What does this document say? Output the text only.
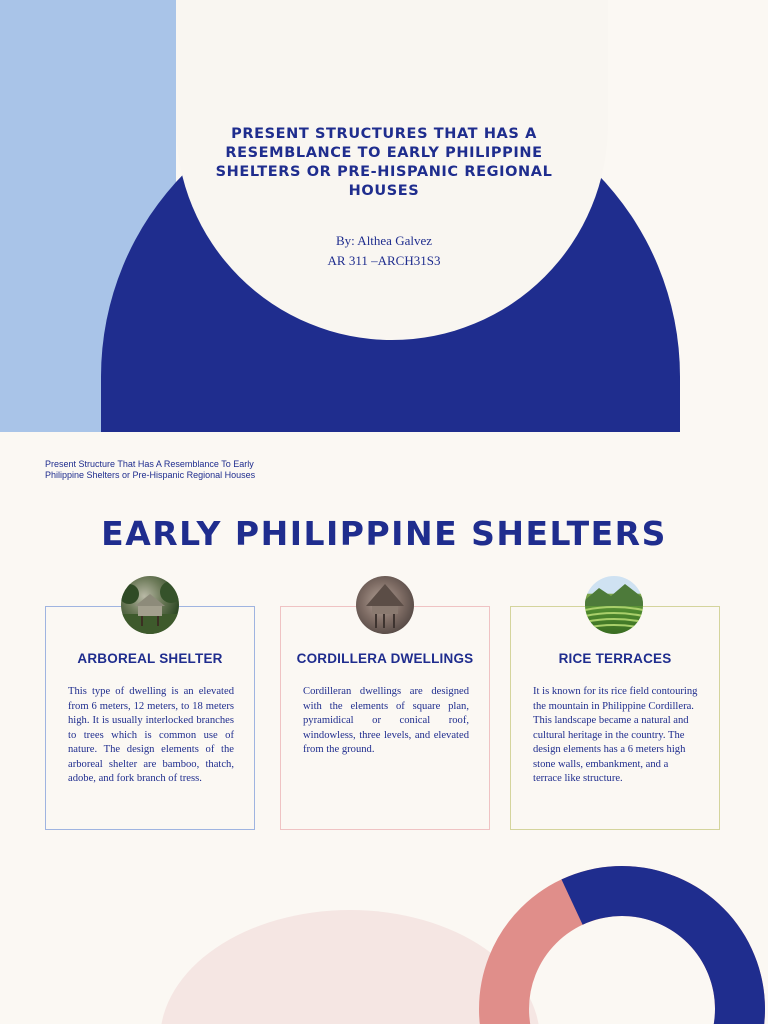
PRESENT STRUCTURES THAT HAS A RESEMBLANCE TO EARLY PHILIPPINE SHELTERS OR PRE-HISPANIC REGIONAL HOUSES
By: Althea Galvez
AR 311 –ARCH31S3
Present Structure That Has A Resemblance To Early Philippine Shelters or Pre-Hispanic Regional Houses
EARLY PHILIPPINE SHELTERS
ARBOREAL SHELTER
This type of dwelling is an elevated from 6 meters, 12 meters, to 18 meters high. It is usually interlocked branches to trees which is common use of nature. The design elements of the arboreal shelter are bamboo, thatch, adobe, and fork branch of tress.
CORDILLERA DWELLINGS
Cordilleran dwellings are designed with the elements of square plan, pyramidical or conical roof, windowless, three levels, and elevated from the ground.
RICE TERRACES
It is known for its rice field contouring the mountain in Philippine Cordillera. This landscape became a natural and cultural heritage in the country. The design elements has a 6 meters high stone walls, embankment, and a terrace like structure.
